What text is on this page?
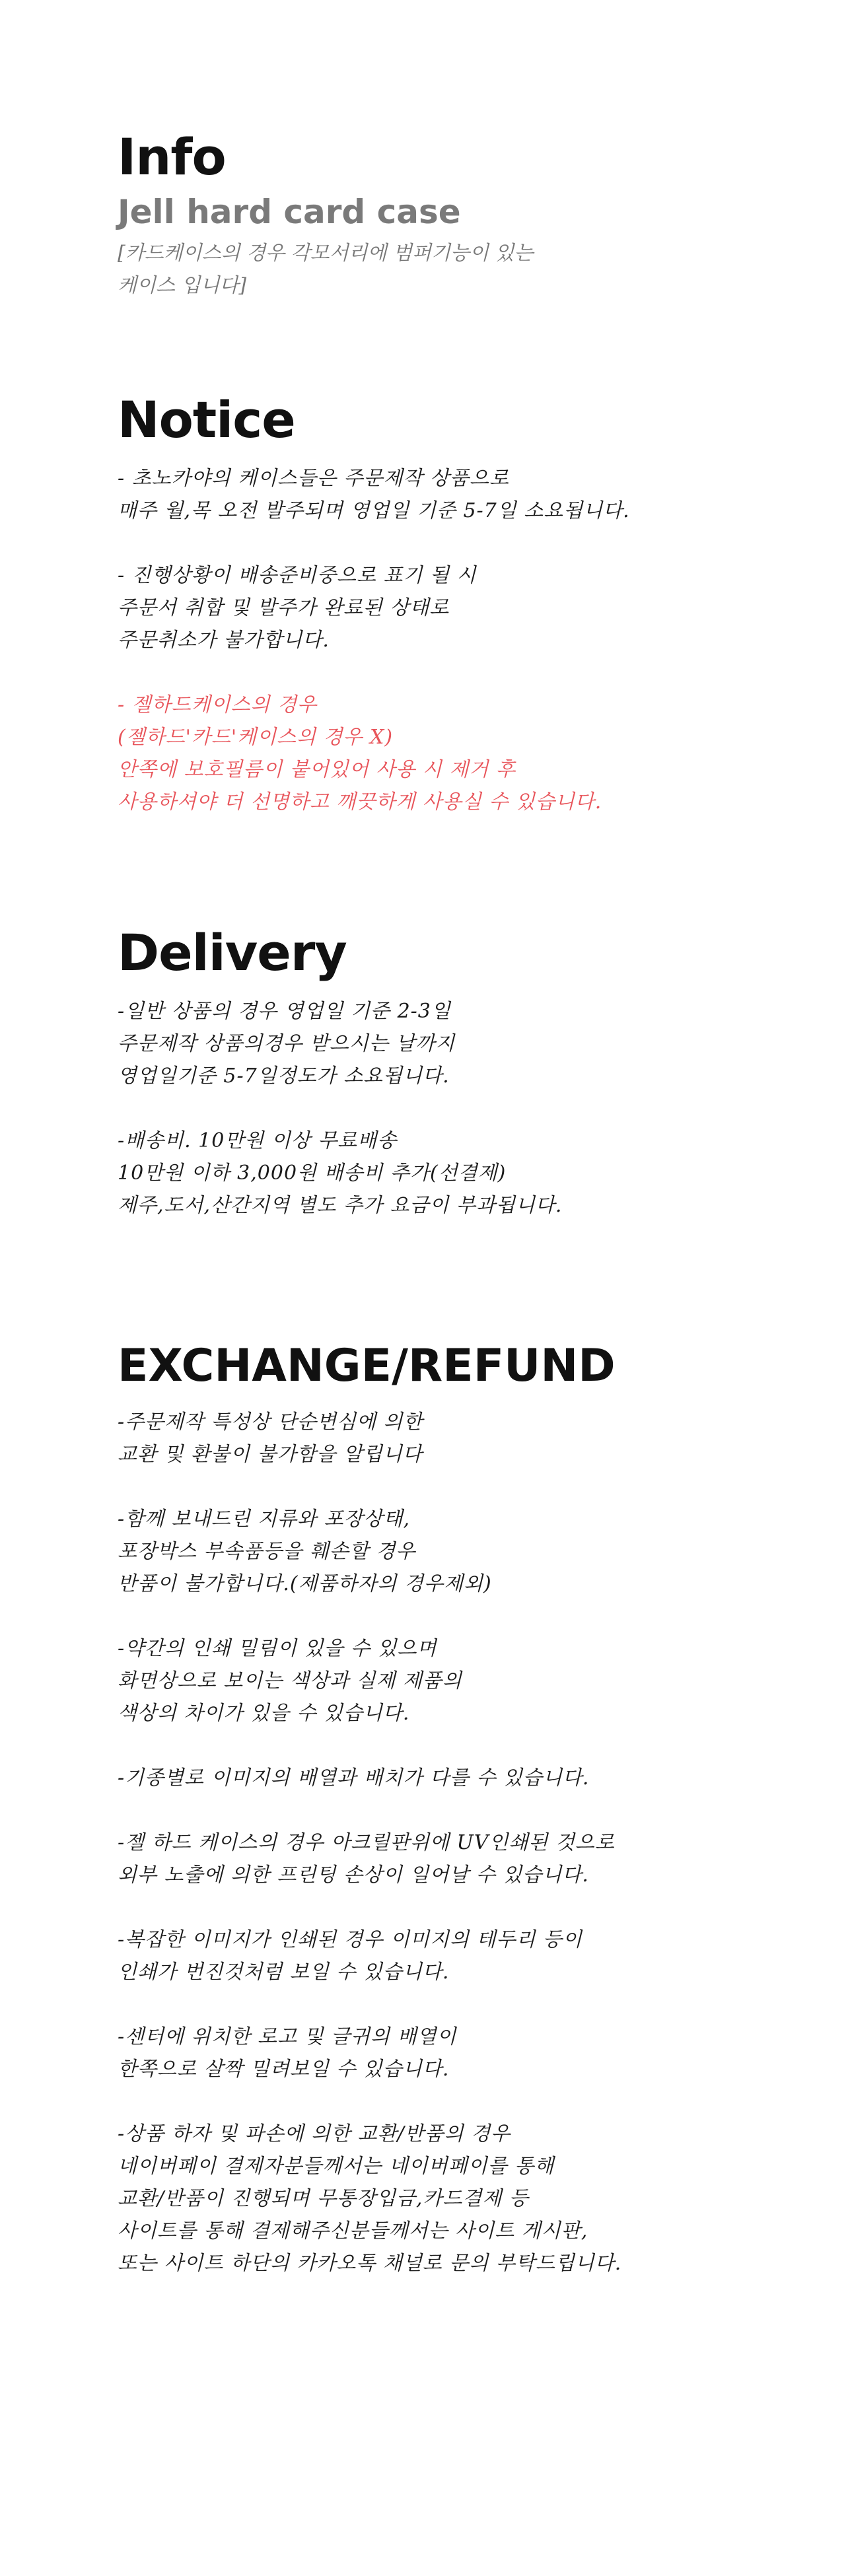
Info
Jell hard card case
[카드케이스의 경우 각모서리에 범퍼기능이 있는
케이스 입니다]
Notice

- 초노카야의 케이스들은 주문제작 상품으로
매주 월,목 오전 발주되며 영업일 기준 5-7일 소요됩니다.

- 진행상황이 배송준비중으로 표기 될 시
주문서 취합 및 발주가 완료된 상태로
주문취소가 불가합니다.

- 젤하드케이스의 경우
(젤하드'카드'케이스의 경우 X)
안쪽에 보호필름이 붙어있어 사용 시 제거 후
사용하셔야 더 선명하고 깨끗하게 사용실 수 있습니다.

Delivery

-일반 상품의 경우 영업일 기준 2-3일
주문제작 상품의경우 받으시는 날까지
영업일기준 5-7일정도가 소요됩니다.

-배송비. 10만원 이상 무료배송
10만원 이하 3,000원 배송비 추가(선결제)
제주,도서,산간지역 별도 추가 요금이 부과됩니다.

EXCHANGE/REFUND

-주문제작 특성상 단순변심에 의한
교환 및 환불이 불가함을 알립니다

-함께 보내드린 지류와 포장상태,
포장박스 부속품등을 훼손할 경우
반품이 불가합니다.(제품하자의 경우제외)

-약간의 인쇄 밀림이 있을 수 있으며
화면상으로 보이는 색상과 실제 제품의
색상의 차이가 있을 수 있습니다.

-기종별로 이미지의 배열과 배치가 다를 수 있습니다.

-젤 하드 케이스의 경우 아크릴판위에 UV인쇄된 것으로
외부 노출에 의한 프린팅 손상이 일어날 수 있습니다.

-복잡한 이미지가 인쇄된 경우 이미지의 테두리 등이
인쇄가 번진것처럼 보일 수 있습니다.

-센터에 위치한 로고 및 글귀의 배열이
한쪽으로 살짝 밀려보일 수 있습니다.

-상품 하자 및 파손에 의한 교환/반품의 경우
네이버페이 결제자분들께서는 네이버페이를 통해
교환/반품이 진행되며 무통장입금,카드결제 등
사이트를 통해 결제해주신분들께서는 사이트 게시판,
또는 사이트 하단의 카카오톡 채널로 문의 부탁드립니다.
